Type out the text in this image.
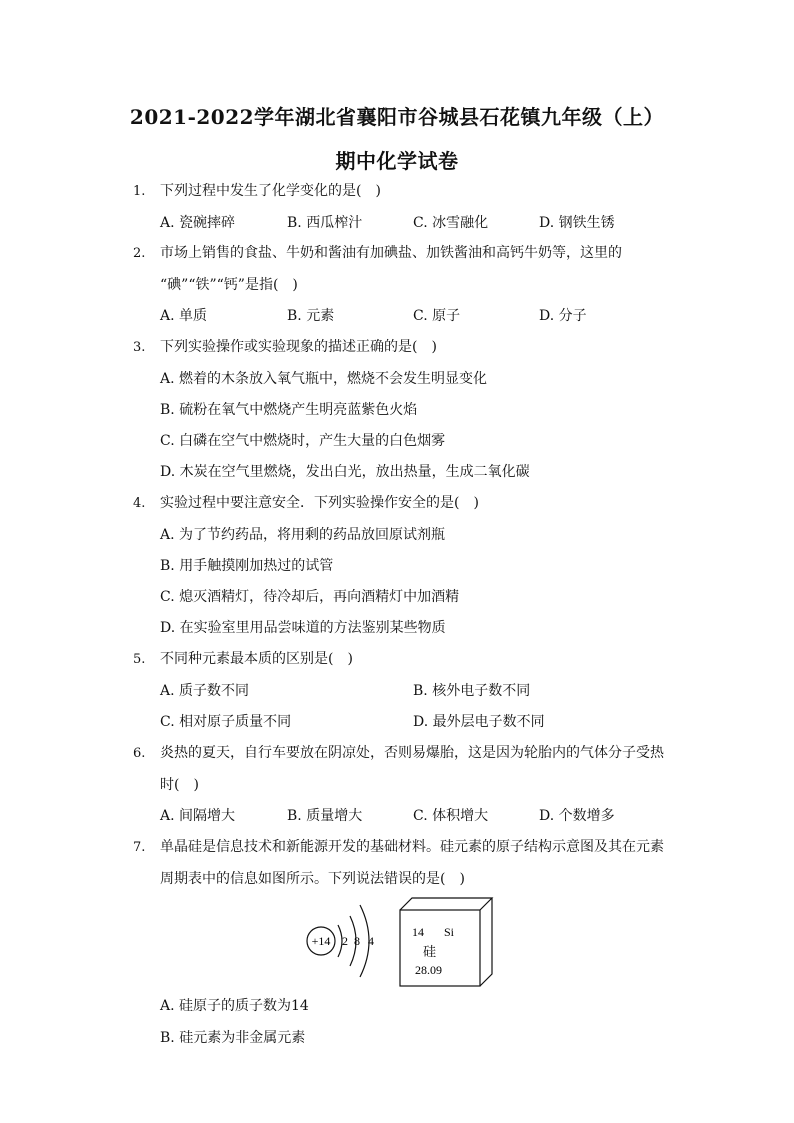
2021-2022学年湖北省襄阳市谷城县石花镇九年级（上）
期中化学试卷
1. 下列过程中发生了化学变化的是(　)
A. 瓷碗摔碎	B. 西瓜榨汁	C. 冰雪融化	D. 钢铁生锈
2. 市场上销售的食盐、牛奶和酱油有加碘盐、加铁酱油和高钙牛奶等，这里的
“碘”“铁”“钙”是指(　)
A. 单质	B. 元素	C. 原子	D. 分子
3. 下列实验操作或实验现象的描述正确的是(　)
A. 燃着的木条放入氧气瓶中，燃烧不会发生明显变化
B. 硫粉在氧气中燃烧产生明亮蓝紫色火焰
C. 白磷在空气中燃烧时，产生大量的白色烟雾
D. 木炭在空气里燃烧，发出白光，放出热量，生成二氧化碳
4. 实验过程中要注意安全．下列实验操作安全的是(　)
A. 为了节约药品，将用剩的药品放回原试剂瓶
B. 用手触摸刚加热过的试管
C. 熄灭酒精灯，待冷却后，再向酒精灯中加酒精
D. 在实验室里用品尝味道的方法鉴别某些物质
5. 不同种元素最本质的区别是(　)
A. 质子数不同	B. 核外电子数不同
C. 相对原子质量不同	D. 最外层电子数不同
6. 炎热的夏天，自行车要放在阴凉处，否则易爆胎，这是因为轮胎内的气体分子受热
时(　)
A. 间隔增大	B. 质量增大	C. 体积增大	D. 个数增多
7. 单晶硅是信息技术和新能源开发的基础材料。硅元素的原子结构示意图及其在元素
周期表中的信息如图所示。下列说法错误的是(　)
+14 2 8 4
14 Si
硅
28.09
A. 硅原子的质子数为14
B. 硅元素为非金属元素
